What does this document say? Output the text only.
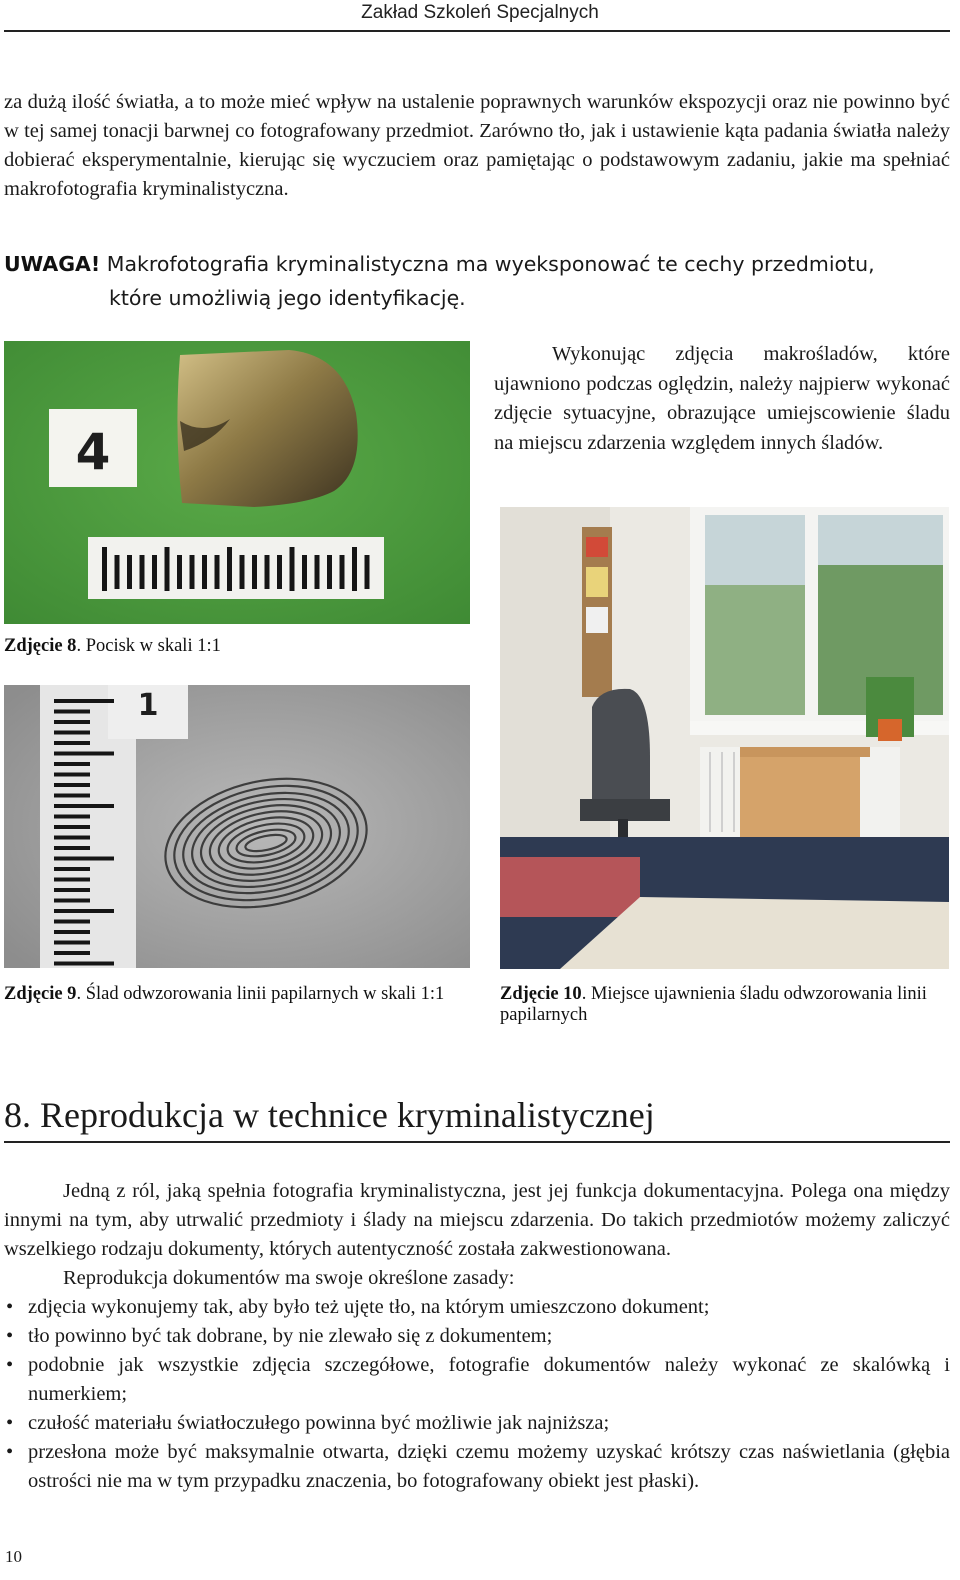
Zakład Szkoleń Specjalnych
za dużą ilość światła, a to może mieć wpływ na ustalenie poprawnych warunków ekspozycji oraz nie powinno być w tej samej tonacji barwnej co fotografowany przedmiot. Zarówno tło, jak i ustawienie kąta padania światła należy dobierać eksperymentalnie, kierując się wyczuciem oraz pamiętając o podstawowym zadaniu, jakie ma spełniać makrofotografia kryminalistyczna.
UWAGA! Makrofotografia kryminalistyczna ma wyeksponować te cechy przedmiotu,
które umożliwią jego identyfikację.
4
Wykonując zdjęcia makrośladów, które ujawniono podczas oględzin, należy najpierw wykonać zdjęcie sytuacyjne, obrazujące umiejscowienie śladu na miejscu zdarzenia względem innych śladów.
Zdjęcie 8. Pocisk w skali 1:1
1
Zdjęcie 9. Ślad odwzorowania linii papilarnych w skali 1:1	Zdjęcie 10. Miejsce ujawnienia śladu odwzorowania linii papilarnych
8. Reprodukcja w technice kryminalistycznej
Jedną z ról, jaką spełnia fotografia kryminalistyczna, jest jej funkcja dokumentacyjna. Polega ona między innymi na tym, aby utrwalić przedmioty i ślady na miejscu zdarzenia. Do takich przedmiotów możemy zaliczyć wszelkiego rodzaju dokumenty, których autentyczność została zakwestionowana.
Reprodukcja dokumentów ma swoje określone zasady:
• zdjęcia wykonujemy tak, aby było też ujęte tło, na którym umieszczono dokument;
• tło powinno być tak dobrane, by nie zlewało się z dokumentem;
• podobnie jak wszystkie zdjęcia szczegółowe, fotografie dokumentów należy wykonać ze skalówką i numerkiem;
• czułość materiału światłoczułego powinna być możliwie jak najniższa;
• przesłona może być maksymalnie otwarta, dzięki czemu możemy uzyskać krótszy czas naświetlania (głębia ostrości nie ma w tym przypadku znaczenia, bo fotografowany obiekt jest płaski).
10
